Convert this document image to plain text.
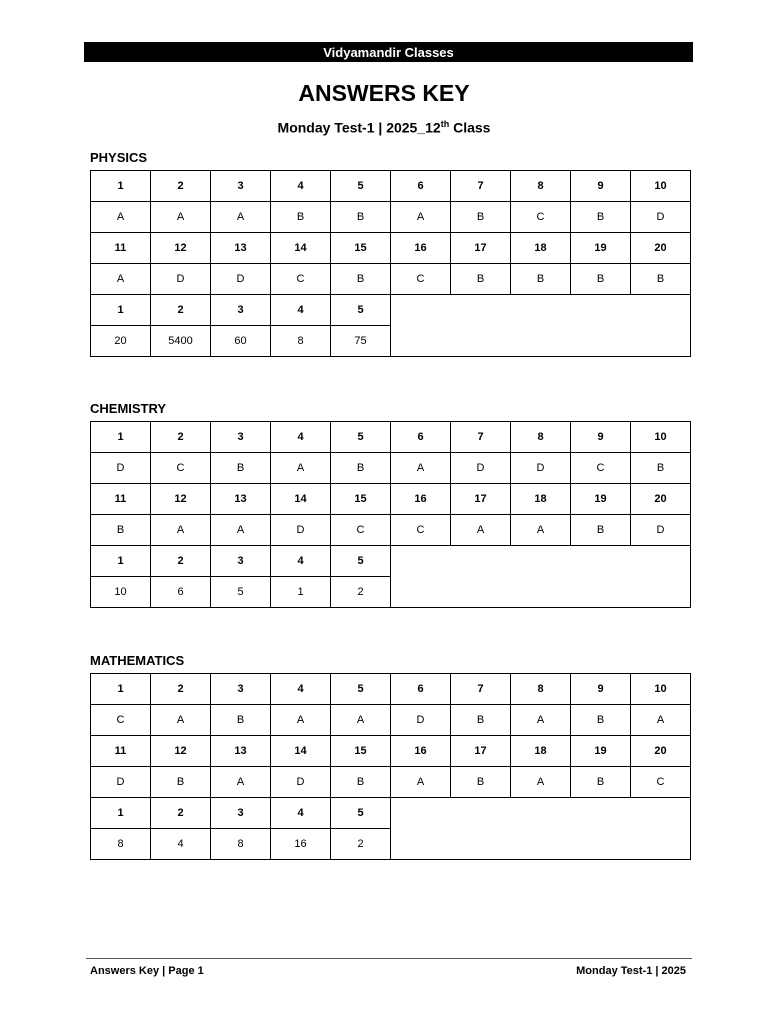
Vidyamandir Classes
ANSWERS KEY
Monday Test-1 | 2025_12th Class
PHYSICS
1	2	3	4	5	6	7	8	9	10
A	A	A	B	B	A	B	C	B	D
11	12	13	14	15	16	17	18	19	20
A	D	D	C	B	C	B	B	B	B
1	2	3	4	5					
20	5400	60	8	75					
CHEMISTRY
1	2	3	4	5	6	7	8	9	10
D	C	B	A	B	A	D	D	C	B
11	12	13	14	15	16	17	18	19	20
B	A	A	D	C	C	A	A	B	D
1	2	3	4	5					
10	6	5	1	2					
MATHEMATICS
1	2	3	4	5	6	7	8	9	10
C	A	B	A	A	D	B	A	B	A
11	12	13	14	15	16	17	18	19	20
D	B	A	D	B	A	B	A	B	C
1	2	3	4	5					
8	4	8	16	2					
Answers Key | Page 1	Monday Test-1 | 2025
